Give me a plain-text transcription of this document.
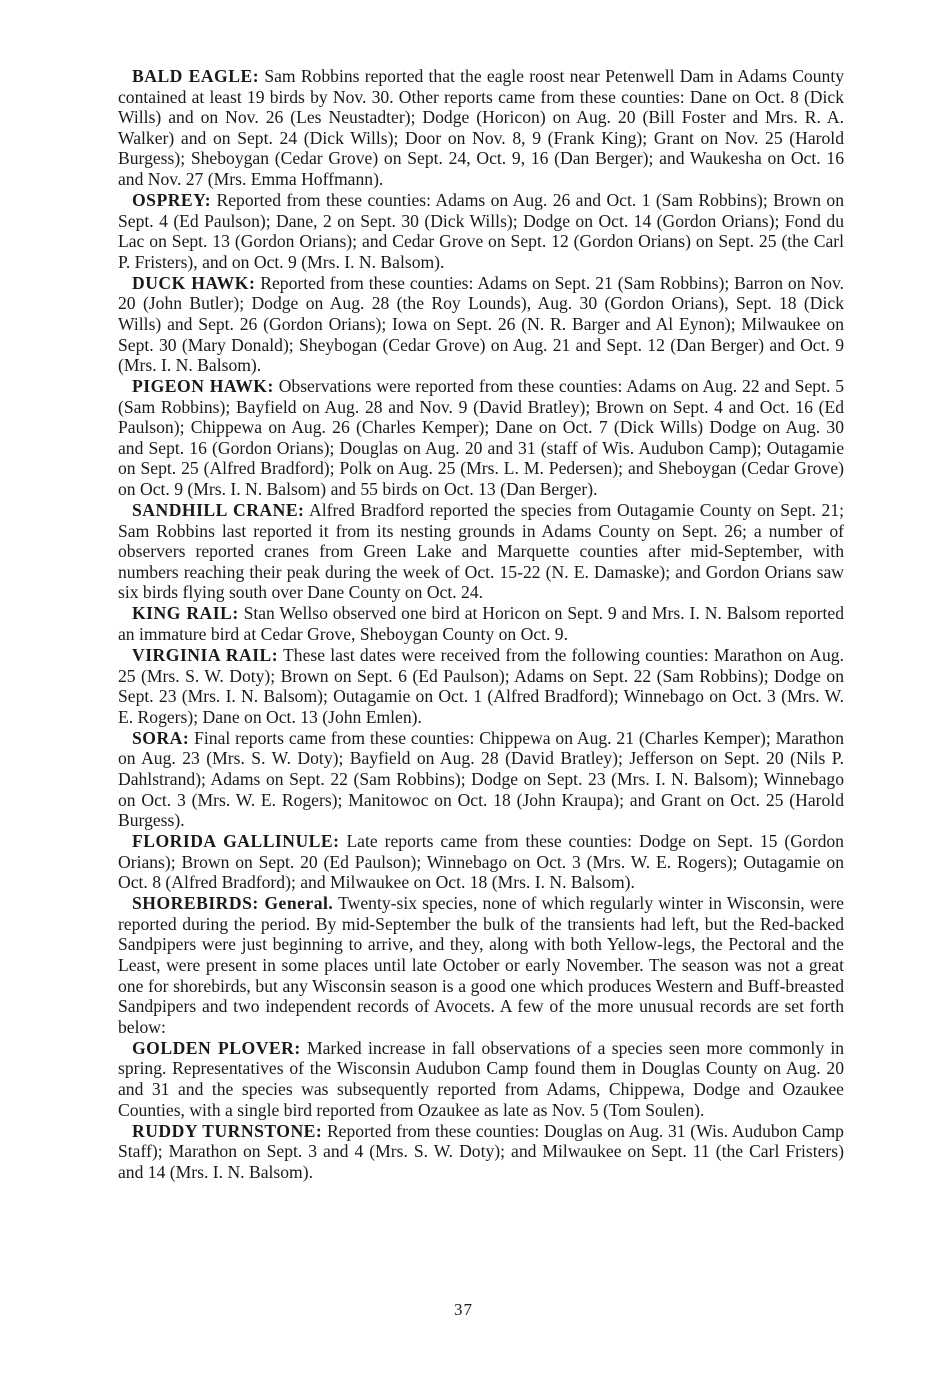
BALD EAGLE: Sam Robbins reported that the eagle roost near Petenwell Dam in Adams County contained at least 19 birds by Nov. 30. Other reports came from these counties: Dane on Oct. 8 (Dick Wills) and on Nov. 26 (Les Neustadter); Dodge (Horicon) on Aug. 20 (Bill Foster and Mrs. R. A. Walker) and on Sept. 24 (Dick Wills); Door on Nov. 8, 9 (Frank King); Grant on Nov. 25 (Harold Burgess); Sheboygan (Cedar Grove) on Sept. 24, Oct. 9, 16 (Dan Berger); and Waukesha on Oct. 16 and Nov. 27 (Mrs. Emma Hoffmann).

OSPREY: Reported from these counties: Adams on Aug. 26 and Oct. 1 (Sam Robbins); Brown on Sept. 4 (Ed Paulson); Dane, 2 on Sept. 30 (Dick Wills); Dodge on Oct. 14 (Gordon Orians); Fond du Lac on Sept. 13 (Gordon Orians); and Cedar Grove on Sept. 12 (Gordon Orians) on Sept. 25 (the Carl P. Fristers), and on Oct. 9 (Mrs. I. N. Balsom).

DUCK HAWK: Reported from these counties: Adams on Sept. 21 (Sam Robbins); Barron on Nov. 20 (John Butler); Dodge on Aug. 28 (the Roy Lounds), Aug. 30 (Gordon Orians), Sept. 18 (Dick Wills) and Sept. 26 (Gordon Orians); Iowa on Sept. 26 (N. R. Barger and Al Eynon); Milwaukee on Sept. 30 (Mary Donald); Sheybogan (Cedar Grove) on Aug. 21 and Sept. 12 (Dan Berger) and Oct. 9 (Mrs. I. N. Balsom).

PIGEON HAWK: Observations were reported from these counties: Adams on Aug. 22 and Sept. 5 (Sam Robbins); Bayfield on Aug. 28 and Nov. 9 (David Bratley); Brown on Sept. 4 and Oct. 16 (Ed Paulson); Chippewa on Aug. 26 (Charles Kemper); Dane on Oct. 7 (Dick Wills) Dodge on Aug. 30 and Sept. 16 (Gordon Orians); Douglas on Aug. 20 and 31 (staff of Wis. Audubon Camp); Outagamie on Sept. 25 (Alfred Bradford); Polk on Aug. 25 (Mrs. L. M. Pedersen); and Sheboygan (Cedar Grove) on Oct. 9 (Mrs. I. N. Balsom) and 55 birds on Oct. 13 (Dan Berger).

SANDHILL CRANE: Alfred Bradford reported the species from Outagamie County on Sept. 21; Sam Robbins last reported it from its nesting grounds in Adams County on Sept. 26; a number of observers reported cranes from Green Lake and Marquette counties after mid-September, with numbers reaching their peak during the week of Oct. 15-22 (N. E. Damaske); and Gordon Orians saw six birds flying south over Dane County on Oct. 24.

KING RAIL: Stan Wellso observed one bird at Horicon on Sept. 9 and Mrs. I. N. Balsom reported an immature bird at Cedar Grove, Sheboygan County on Oct. 9.

VIRGINIA RAIL: These last dates were received from the following counties: Marathon on Aug. 25 (Mrs. S. W. Doty); Brown on Sept. 6 (Ed Paulson); Adams on Sept. 22 (Sam Robbins); Dodge on Sept. 23 (Mrs. I. N. Balsom); Outagamie on Oct. 1 (Alfred Bradford); Winnebago on Oct. 3 (Mrs. W. E. Rogers); Dane on Oct. 13 (John Emlen).

SORA: Final reports came from these counties: Chippewa on Aug. 21 (Charles Kemper); Marathon on Aug. 23 (Mrs. S. W. Doty); Bayfield on Aug. 28 (David Bratley); Jefferson on Sept. 20 (Nils P. Dahlstrand); Adams on Sept. 22 (Sam Robbins); Dodge on Sept. 23 (Mrs. I. N. Balsom); Winnebago on Oct. 3 (Mrs. W. E. Rogers); Manitowoc on Oct. 18 (John Kraupa); and Grant on Oct. 25 (Harold Burgess).

FLORIDA GALLINULE: Late reports came from these counties: Dodge on Sept. 15 (Gordon Orians); Brown on Sept. 20 (Ed Paulson); Winnebago on Oct. 3 (Mrs. W. E. Rogers); Outagamie on Oct. 8 (Alfred Bradford); and Milwaukee on Oct. 18 (Mrs. I. N. Balsom).

SHOREBIRDS: General. Twenty-six species, none of which regularly winter in Wisconsin, were reported during the period. By mid-September the bulk of the transients had left, but the Red-backed Sandpipers were just beginning to arrive, and they, along with both Yellow-legs, the Pectoral and the Least, were present in some places until late October or early November. The season was not a great one for shorebirds, but any Wisconsin season is a good one which produces Western and Buff-breasted Sandpipers and two independent records of Avocets. A few of the more unusual records are set forth below:

GOLDEN PLOVER: Marked increase in fall observations of a species seen more commonly in spring. Representatives of the Wisconsin Audubon Camp found them in Douglas County on Aug. 20 and 31 and the species was subsequently reported from Adams, Chippewa, Dodge and Ozaukee Counties, with a single bird reported from Ozaukee as late as Nov. 5 (Tom Soulen).

RUDDY TURNSTONE: Reported from these counties: Douglas on Aug. 31 (Wis. Audubon Camp Staff); Marathon on Sept. 3 and 4 (Mrs. S. W. Doty); and Milwaukee on Sept. 11 (the Carl Fristers) and 14 (Mrs. I. N. Balsom).

37
